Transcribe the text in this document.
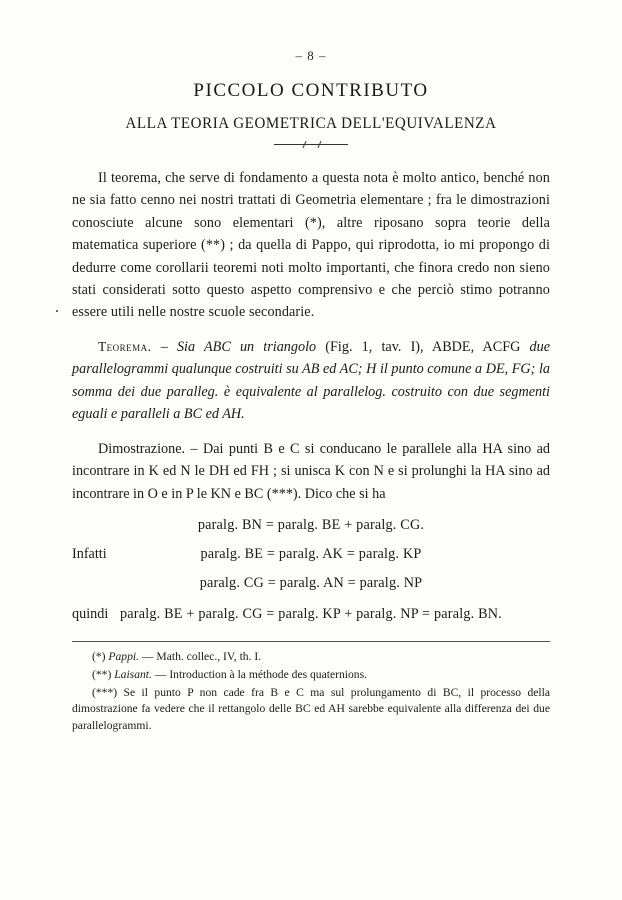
– 8 –
PICCOLO CONTRIBUTO
ALLA TEORIA GEOMETRICA DELL'EQUIVALENZA

Il teorema, che serve di fondamento a questa nota è molto antico, benché non ne sia fatto cenno nei nostri trattati di Geometria elementare ; fra le dimostrazioni conosciute alcune sono elementari (*), altre riposano sopra teorie della matematica superiore (**) ; da quella di Pappo, qui riprodotta, io mi propongo di dedurre come corollarii teoremi noti molto importanti, che finora credo non sieno stati considerati sotto questo aspetto comprensivo e che perciò stimo potranno essere utili nelle nostre scuole secondarie.

Teorema. – Sia ABC un triangolo (Fig. 1, tav. I), ABDE, ACFG due parallelogrammi qualunque costruiti su AB ed AC; H il punto comune a DE, FG; la somma dei due paralleg. è equivalente al parallelog. costruito con due segmenti eguali e paralleli a BC ed AH.

Dimostrazione. – Dai punti B e C si conducano le parallele alla HA sino ad incontrare in K ed N le DH ed FH ; si unisca K con N e si prolunghi la HA sino ad incontrare in O e in P le KN e BC (***). Dico che si ha

paralg. BN = paralg. BE + paralg. CG.
Infatti	paralg. BE = paralg. AK = paralg. KP
paralg. CG = paralg. AN = paralg. NP
quindi paralg. BE + paralg. CG = paralg. KP + paralg. NP = paralg. BN.

(*) Pappi. — Math. collec., IV, th. I.

(**) Laisant. — Introduction à la méthode des quaternions.

(***) Se il punto P non cade fra B e C ma sul prolungamento di BC, il processo della dimostrazione fa vedere che il rettangolo delle BC ed AH sarebbe equivalente alla differenza dei due parallelogrammi.
